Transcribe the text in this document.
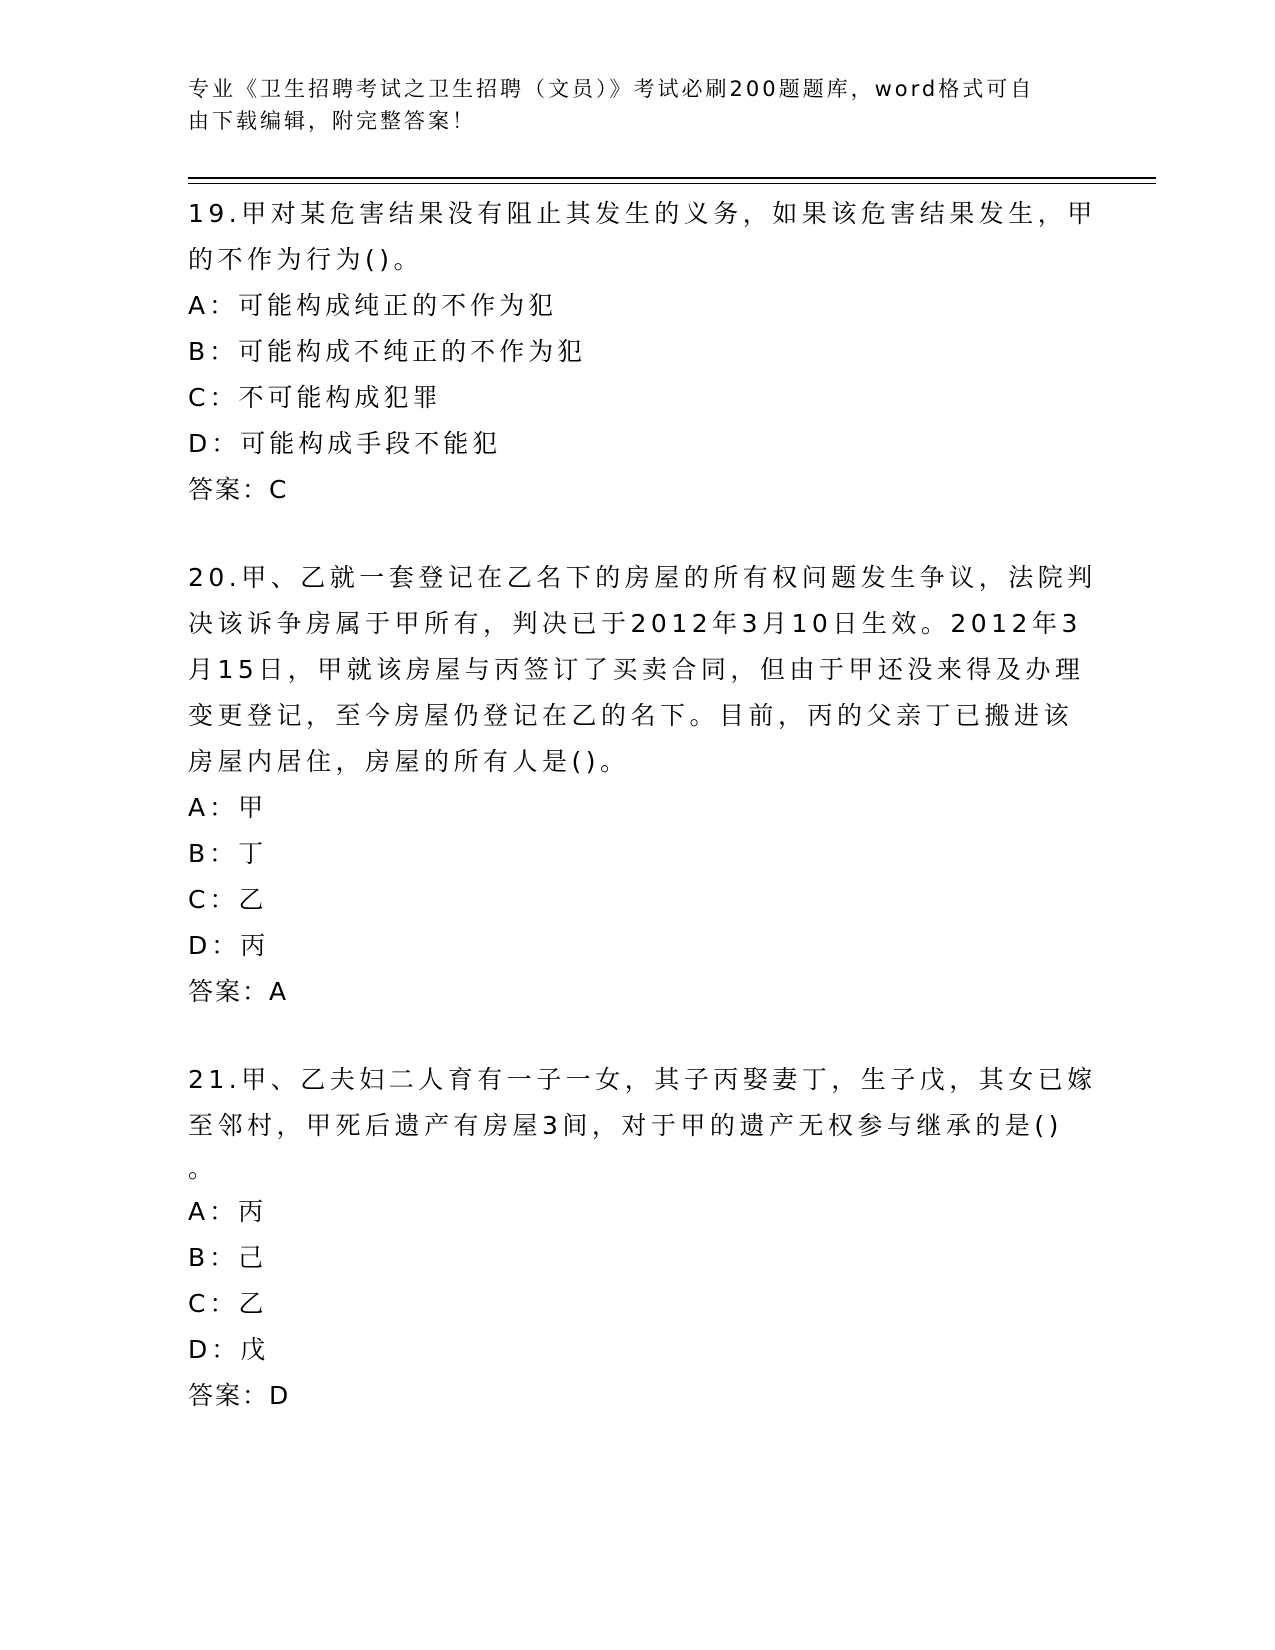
专业《卫生招聘考试之卫生招聘（文员）》考试必刷200题题库，word格式可自
由下载编辑，附完整答案！
19.甲对某危害结果没有阻止其发生的义务，如果该危害结果发生，甲
的不作为行为()。
A：可能构成纯正的不作为犯
B：可能构成不纯正的不作为犯
C：不可能构成犯罪
D：可能构成手段不能犯
答案：C
20.甲、乙就一套登记在乙名下的房屋的所有权问题发生争议，法院判
决该诉争房属于甲所有，判决已于2012年3月10日生效。2012年3
月15日，甲就该房屋与丙签订了买卖合同，但由于甲还没来得及办理
变更登记，至今房屋仍登记在乙的名下。目前，丙的父亲丁已搬进该
房屋内居住，房屋的所有人是()。
A：甲
B：丁
C：乙
D：丙
答案：A
21.甲、乙夫妇二人育有一子一女，其子丙娶妻丁，生子戊，其女已嫁
至邻村，甲死后遗产有房屋3间，对于甲的遗产无权参与继承的是()
。
A：丙
B：己
C：乙
D：戊
答案：D
